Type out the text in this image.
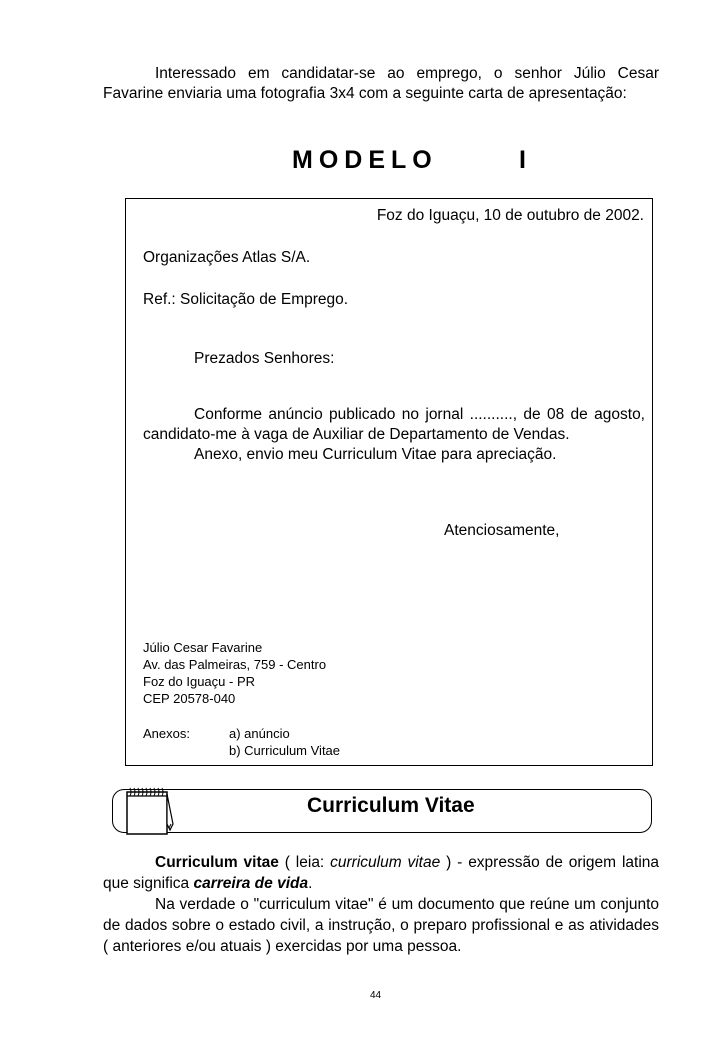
Interessado em candidatar-se ao emprego, o senhor Júlio Cesar Favarine enviaria uma fotografia 3x4 com a seguinte carta de apresentação:
MODELO	I
Foz do Iguaçu, 10 de outubro de 2002.
Organizações Atlas S/A.
Ref.: Solicitação de Emprego.
Prezados Senhores:

Conforme anúncio publicado no jornal .........., de 08 de agosto, candidato-me à vaga de Auxiliar de Departamento de Vendas.

Anexo, envio meu Curriculum Vitae para apreciação.

Atenciosamente,
Júlio Cesar Favarine
Av. das Palmeiras, 759 - Centro
Foz do Iguaçu - PR
CEP 20578-040
Anexos:	a) anúncio
b) Curriculum Vitae
Curriculum Vitae

Curriculum vitae ( leia: curriculum vitae ) - expressão de origem latina que significa carreira de vida.

Na verdade o "curriculum vitae" é um documento que reúne um conjunto de dados sobre o estado civil, a instrução, o preparo profissional e as atividades ( anteriores e/ou atuais ) exercidas por uma pessoa.

44
